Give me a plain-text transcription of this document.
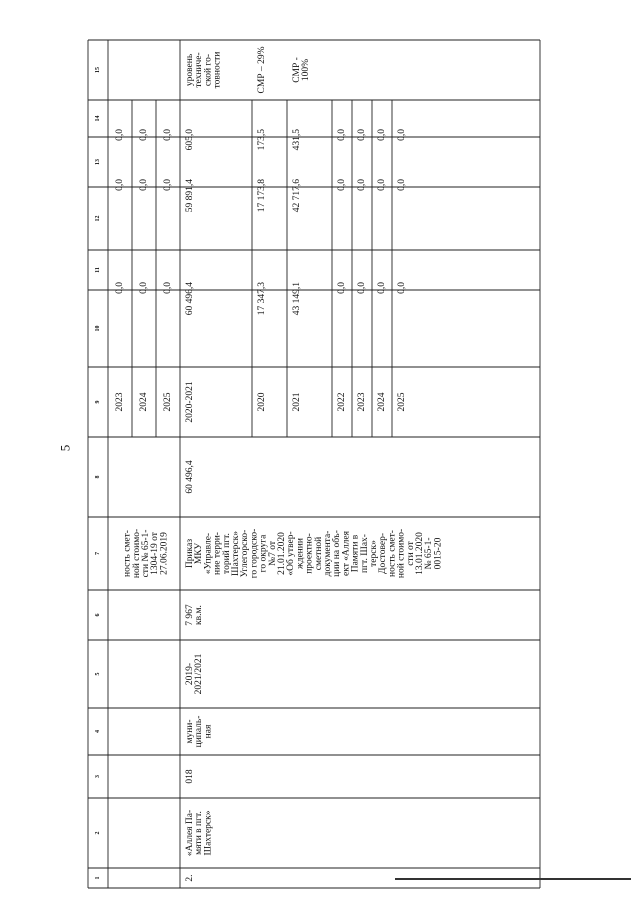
5
1
2
3
4
5
6
7
8
9
10
11
12
13
14
15
ность смет- ной стоимо- сти № 65-1- 1304-19 от 27.06.2019
2023
0,0
0,0
0,0
2024
0,0
0,0
0,0
2025
0,0
0,0
0,0
2.
«Аллея Па- мяти в пгт. Шахтерск»
018
муни- ципаль- ная
2019- 2021/2021
7 967 кв.м.
Приказ МКУ «Управле- ние терри- торий пгт. Шахтерск» Углегорско- го городско- го округа №7 от 21.01.2020 «Об утвер- ждении проектно- сметной документа- ции на объ- ект «Аллея Памяти в пгт. Шах- терск» Достовер- ность смет- ной стоимо- сти от 13.01.2020 № 65-1- 0015-20
60 496,4
2020-2021
60 496,4
59 891,4
605,0
уровень техниче- ской го- товности
2020
17 347,3
17 173,8
173,5
СМР – 29%
2021
43 149,1
42 717,6
431,5
СМР - 100%
2022
0,0
0,0
0,0
2023
0,0
0,0
0,0
2024
0,0
0,0
0,0
2025
0,0
0,0
0,0
